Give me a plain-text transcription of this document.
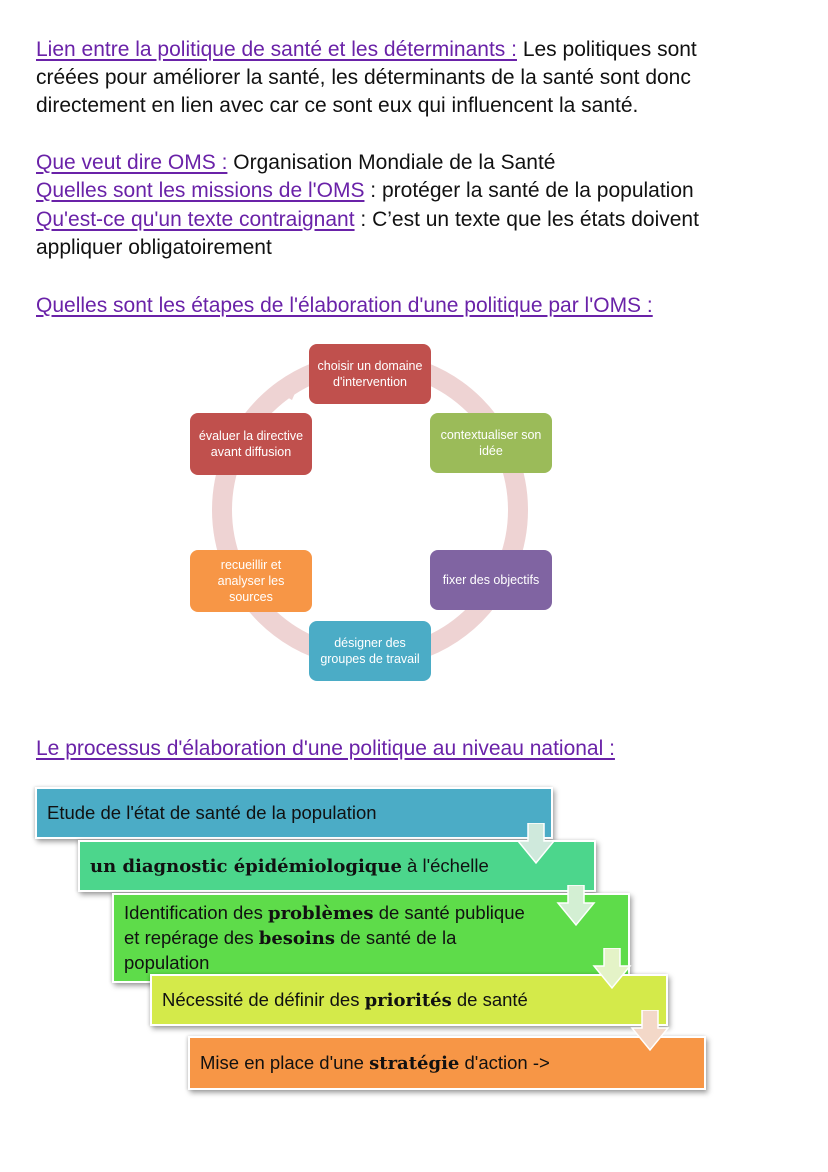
Lien entre la politique de santé et les déterminants : Les politiques sont
créées pour améliorer la santé, les déterminants de la santé sont donc
directement en lien avec car ce sont eux qui influencent la santé.
Que veut dire OMS : Organisation Mondiale de la Santé
Quelles sont les missions de l'OMS : protéger la santé de la population
Qu'est-ce qu'un texte contraignant : C’est un texte que les états doivent
appliquer obligatoirement
Quelles sont les étapes de l'élaboration d'une politique par l'OMS :
choisir un domaine d'intervention
contextualiser son idée
fixer des objectifs
désigner des groupes de travail
recueillir et analyser les sources
évaluer la directive avant diffusion
Le processus d'élaboration d'une politique au niveau national :
Etude de l'état de santé de la population
un diagnostic épidémiologique à l'échelle
Identification des problèmes de santé publique
et repérage des besoins de santé de la
population
Nécessité de définir des priorités de santé
Mise en place d'une stratégie d'action ->
